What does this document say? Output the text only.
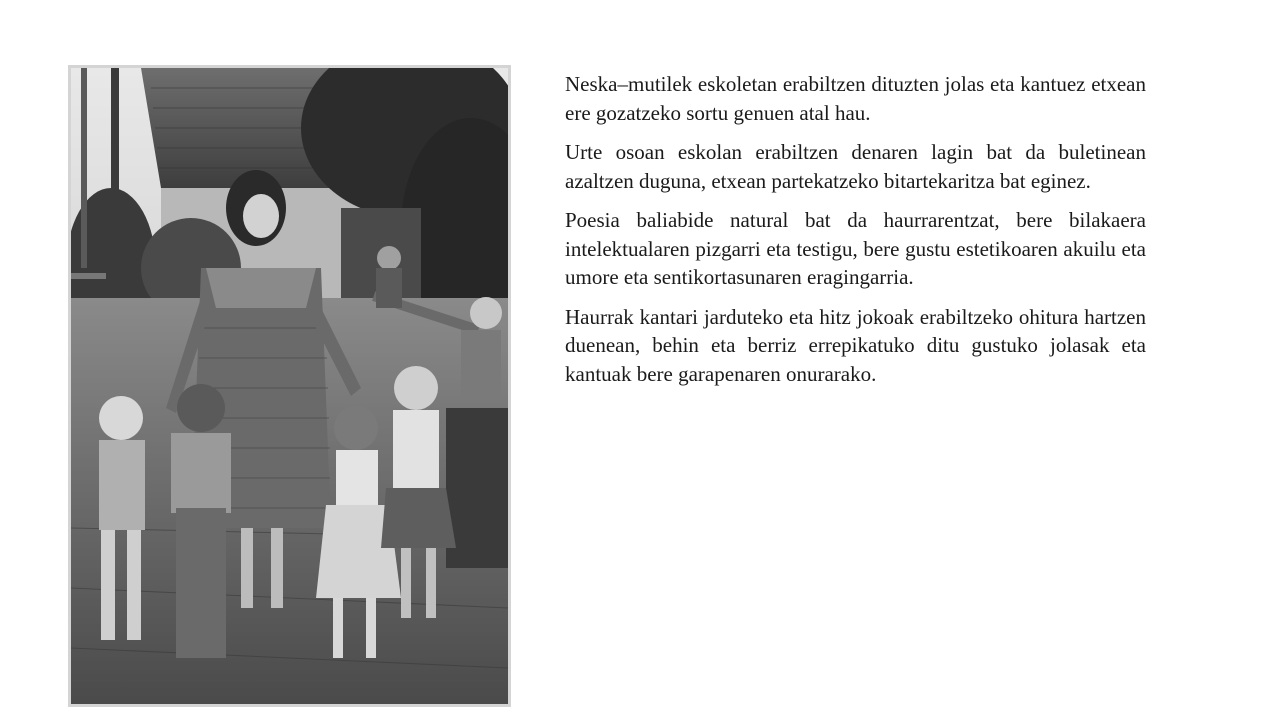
Neska–mutilek eskoletan erabiltzen dituzten jolas eta kantuez etxean ere gozatzeko sortu genuen atal hau.

Urte osoan eskolan erabiltzen denaren lagin bat da buletinean azaltzen duguna, etxean partekatzeko bitartekaritza bat eginez.

Poesia baliabide natural bat da haurrarentzat, bere bilakaera intelektualaren pizgarri eta testigu, bere gustu estetikoaren akuilu eta umore eta sentikortasunaren eragingarria.

Haurrak kantari jarduteko eta hitz jokoak erabiltzeko ohitura hartzen duenean, behin eta berriz errepikatuko ditu gustuko jolasak eta kantuak bere garapenaren onurarako.
